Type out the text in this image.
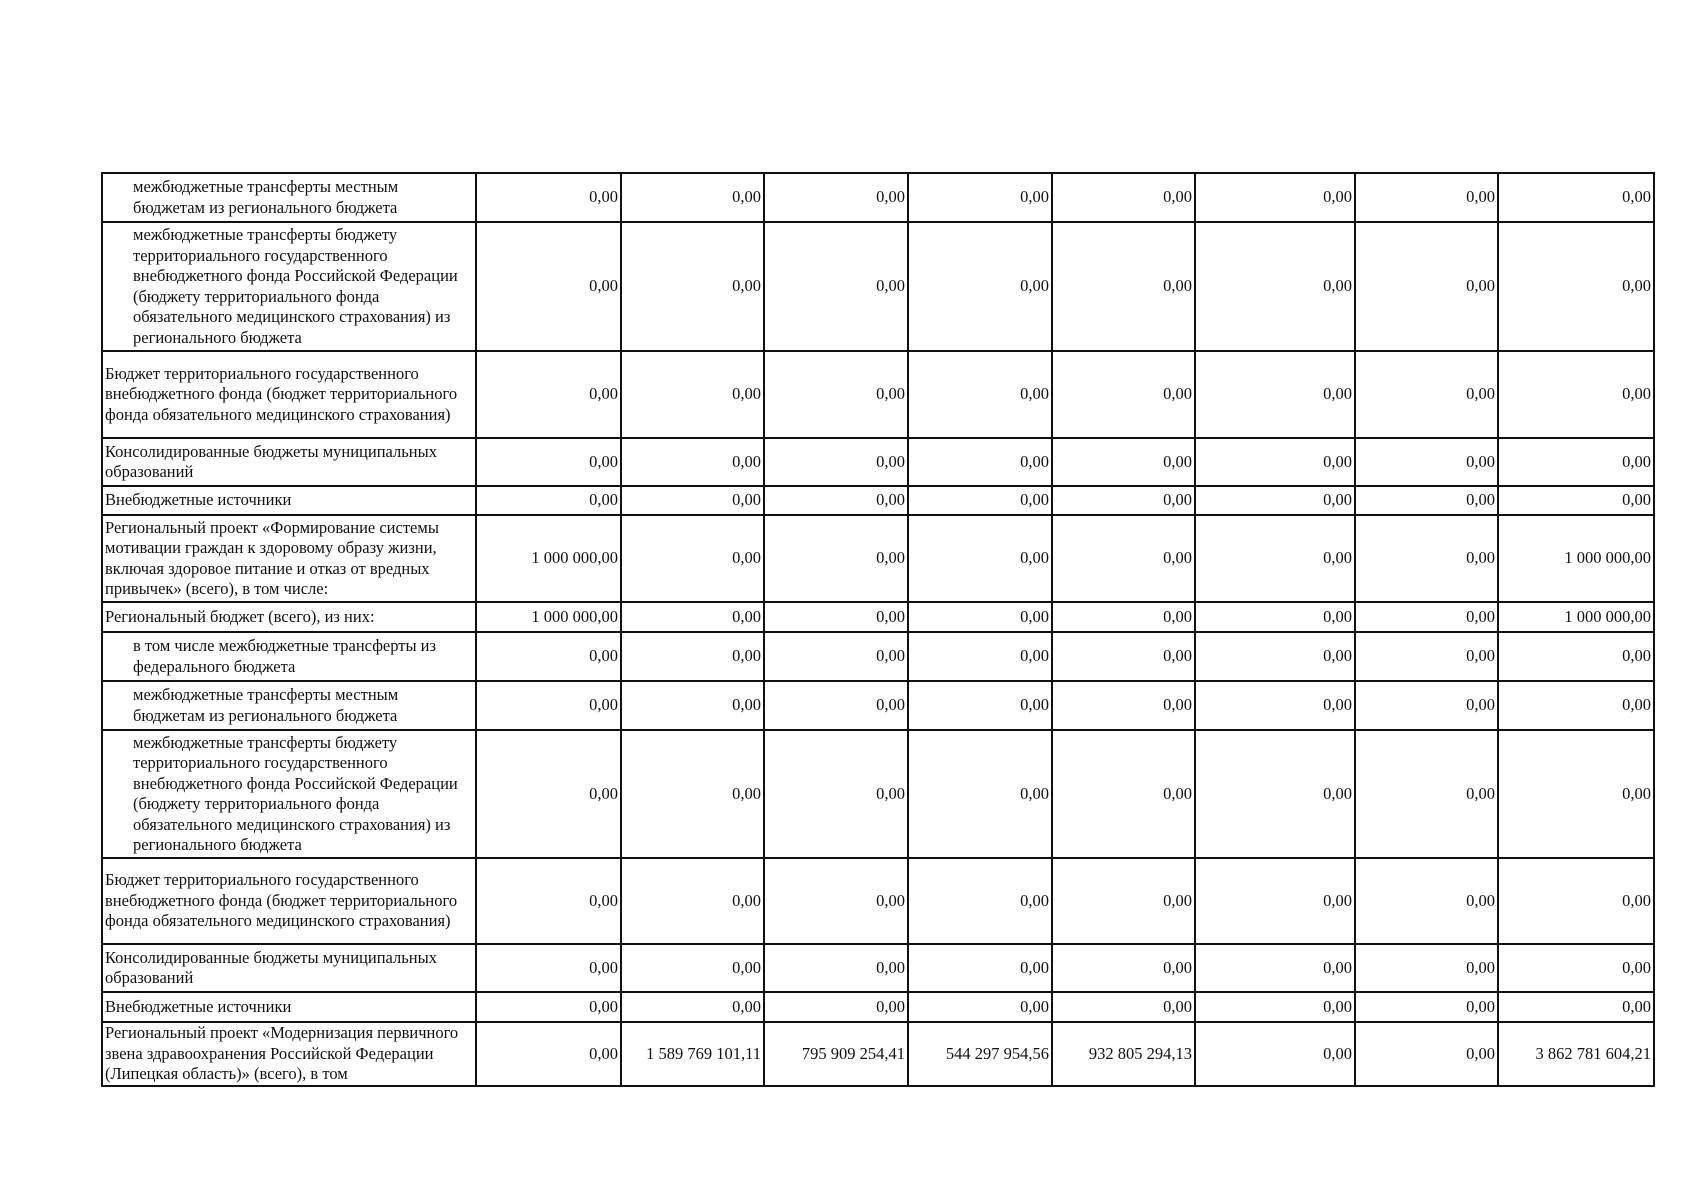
межбюджетные трансферты местным бюджетам из регионального бюджета	0,00	0,00	0,00	0,00	0,00	0,00	0,00	0,00

межбюджетные трансферты бюджету территориального государственного внебюджетного фонда Российской Федерации (бюджету территориального фонда обязательного медицинского страхования) из регионального бюджета	0,00	0,00	0,00	0,00	0,00	0,00	0,00	0,00

Бюджет территориального государственного внебюджетного фонда (бюджет территориального фонда обязательного медицинского страхования)	0,00	0,00	0,00	0,00	0,00	0,00	0,00	0,00

Консолидированные бюджеты муниципальных образований	0,00	0,00	0,00	0,00	0,00	0,00	0,00	0,00

Внебюджетные источники	0,00	0,00	0,00	0,00	0,00	0,00	0,00	0,00

Региональный проект «Формирование системы мотивации граждан к здоровому образу жизни, включая здоровое питание и отказ от вредных привычек» (всего), в том числе:	1 000 000,00	0,00	0,00	0,00	0,00	0,00	0,00	1 000 000,00

Региональный бюджет (всего), из них:	1 000 000,00	0,00	0,00	0,00	0,00	0,00	0,00	1 000 000,00

в том числе межбюджетные трансферты из федерального бюджета	0,00	0,00	0,00	0,00	0,00	0,00	0,00	0,00

межбюджетные трансферты местным бюджетам из регионального бюджета	0,00	0,00	0,00	0,00	0,00	0,00	0,00	0,00

межбюджетные трансферты бюджету территориального государственного внебюджетного фонда Российской Федерации (бюджету территориального фонда обязательного медицинского страхования) из регионального бюджета	0,00	0,00	0,00	0,00	0,00	0,00	0,00	0,00

Бюджет территориального государственного внебюджетного фонда (бюджет территориального фонда обязательного медицинского страхования)	0,00	0,00	0,00	0,00	0,00	0,00	0,00	0,00

Консолидированные бюджеты муниципальных образований	0,00	0,00	0,00	0,00	0,00	0,00	0,00	0,00

Внебюджетные источники	0,00	0,00	0,00	0,00	0,00	0,00	0,00	0,00

Региональный проект «Модернизация первичного звена здравоохранения Российской Федерации (Липецкая область)» (всего), в том	0,00	1 589 769 101,11	795 909 254,41	544 297 954,56	932 805 294,13	0,00	0,00	3 862 781 604,21
